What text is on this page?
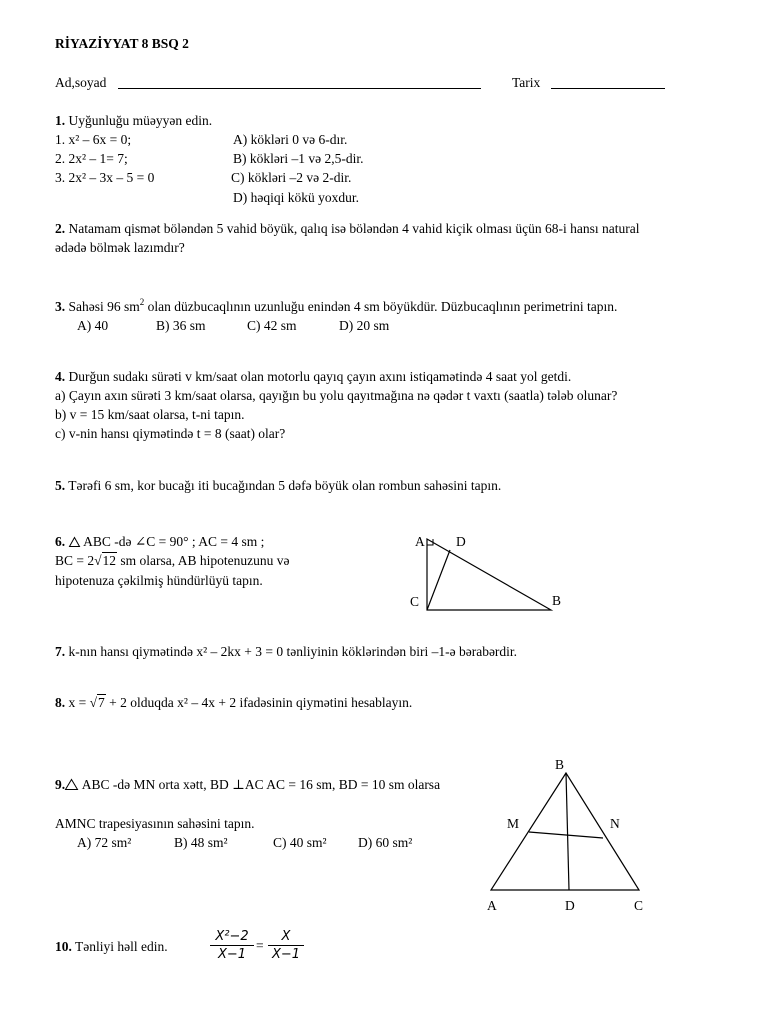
RİYAZİYYAT 8 BSQ 2
Ad,soyad	Tarix
1. Uyğunluğu müəyyən edin.
1. x² – 6x = 0;
2. 2x² – 1= 7;
3. 2x² – 3x – 5 = 0
A) kökləri 0 və 6-dır.
B) kökləri –1 və 2,5-dir.
C) kökləri –2 və 2-dir.
D) həqiqi kökü yoxdur.
2. Natamam qismət böləndən 5 vahid böyük, qalıq isə böləndən 4 vahid kiçik olması üçün 68-i hansı natural
ədədə bölmək lazımdır?
3. Sahəsi 96 $sm^2$ olan düzbucaqlının uzunluğu enindən 4 sm böyükdür. Düzbucaqlının perimetrini tapın.
A) 40	B) 36 sm	C) 42 sm	D) 20 sm
4. Durğun sudakı sürəti v km/saat olan motorlu qayıq çayın axını istiqamətində 4 saat yol getdi.
a) Çayın axın sürəti 3 km/saat olarsa, qayığın bu yolu qayıtmağına nə qədər t vaxtı (saatla) tələb olunar?
b) v = 15 km/saat olarsa, t-ni tapın.
c) v-nin hansı qiymətində t = 8 (saat) olar?
5. Tərəfi 6 sm, kor bucağı iti bucağından 5 dəfə böyük olan rombun sahəsini tapın.
6. ABC -də ∠C = 90° ; AC = 4 sm ;
BC = 2√12 sm olarsa, AB hipotenuzunu və
hipotenuza çəkilmiş hündürlüyü tapın.
A D
C	B
7. k-nın hansı qiymətində x² – 2kx + 3 = 0 tənliyinin köklərindən biri –1-ə bərabərdir.
8. x = √7 + 2 olduqda x² – 4x + 2 ifadəsinin qiymətini hesablayın.
9. ABC -də MN orta xətt, BD ⊥AC AC = 16 sm, BD = 10 sm olarsa
AMNC trapesiyasının sahəsini tapın.
A) 72 sm²	B) 48 sm²	C) 40 sm² D) 60 sm²
B
M	N
A	D	C
10. Tənliyi həll edin.
X²−2
X−1
=
X
X−1
